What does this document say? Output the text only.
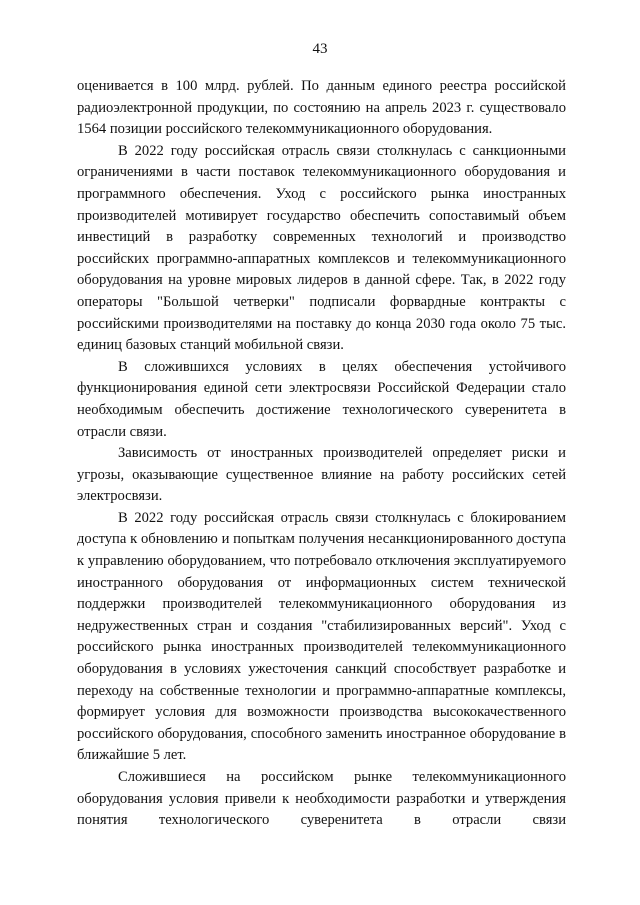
43

оценивается в 100 млрд. рублей. По данным единого реестра российской радиоэлектронной продукции, по состоянию на апрель 2023 г. существовало 1564 позиции российского телекоммуникационного оборудования.

В 2022 году российская отрасль связи столкнулась с санкционными ограничениями в части поставок телекоммуникационного оборудования и программного обеспечения. Уход с российского рынка иностранных производителей мотивирует государство обеспечить сопоставимый объем инвестиций в разработку современных технологий и производство российских программно-аппаратных комплексов и телекоммуникационного оборудования на уровне мировых лидеров в данной сфере. Так, в 2022 году операторы "Большой четверки" подписали форвардные контракты с российскими производителями на поставку до конца 2030 года около 75 тыс. единиц базовых станций мобильной связи.

В сложившихся условиях в целях обеспечения устойчивого функционирования единой сети электросвязи Российской Федерации стало необходимым обеспечить достижение технологического суверенитета в отрасли связи.

Зависимость от иностранных производителей определяет риски и угрозы, оказывающие существенное влияние на работу российских сетей электросвязи.

В 2022 году российская отрасль связи столкнулась с блокированием доступа к обновлению и попыткам получения несанкционированного доступа к управлению оборудованием, что потребовало отключения эксплуатируемого иностранного оборудования от информационных систем технической поддержки производителей телекоммуникационного оборудования из недружественных стран и создания "стабилизированных версий". Уход с российского рынка иностранных производителей телекоммуникационного оборудования в условиях ужесточения санкций способствует разработке и переходу на собственные технологии и программно-аппаратные комплексы, формирует условия для возможности производства высококачественного российского оборудования, способного заменить иностранное оборудование в ближайшие 5 лет.

Сложившиеся на российском рынке телекоммуникационного оборудования условия привели к необходимости разработки и утверждения понятия технологического суверенитета в отрасли связи
